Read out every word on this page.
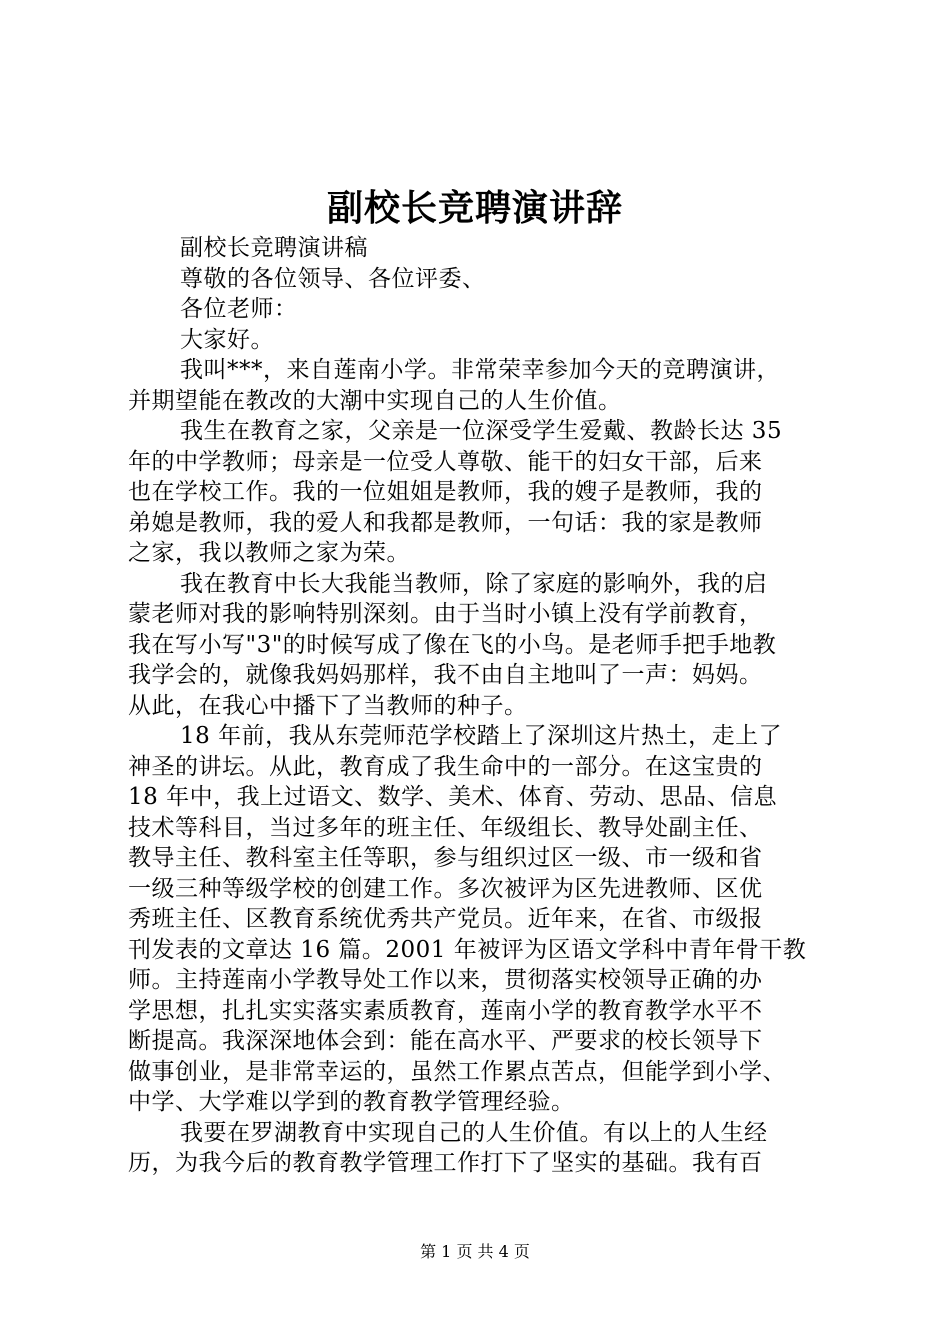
副校长竞聘演讲辞
副校长竞聘演讲稿
尊敬的各位领导、各位评委、
各位老师：
大家好。
我叫***，来自莲南小学。非常荣幸参加今天的竞聘演讲，
并期望能在教改的大潮中实现自己的人生价值。
我生在教育之家，父亲是一位深受学生爱戴、教龄长达 35
年的中学教师；母亲是一位受人尊敬、能干的妇女干部，后来
也在学校工作。我的一位姐姐是教师，我的嫂子是教师，我的
弟媳是教师，我的爱人和我都是教师，一句话：我的家是教师
之家，我以教师之家为荣。
我在教育中长大我能当教师，除了家庭的影响外，我的启
蒙老师对我的影响特别深刻。由于当时小镇上没有学前教育，
我在写小写"3"的时候写成了像在飞的小鸟。是老师手把手地教
我学会的，就像我妈妈那样，我不由自主地叫了一声：妈妈。
从此，在我心中播下了当教师的种子。
18 年前，我从东莞师范学校踏上了深圳这片热土，走上了
神圣的讲坛。从此，教育成了我生命中的一部分。在这宝贵的
18 年中，我上过语文、数学、美术、体育、劳动、思品、信息
技术等科目，当过多年的班主任、年级组长、教导处副主任、
教导主任、教科室主任等职，参与组织过区一级、市一级和省
一级三种等级学校的创建工作。多次被评为区先进教师、区优
秀班主任、区教育系统优秀共产党员。近年来，在省、市级报
刊发表的文章达 16 篇。2001 年被评为区语文学科中青年骨干教
师。主持莲南小学教导处工作以来，贯彻落实校领导正确的办
学思想，扎扎实实落实素质教育，莲南小学的教育教学水平不
断提高。我深深地体会到：能在高水平、严要求的校长领导下
做事创业，是非常幸运的，虽然工作累点苦点，但能学到小学、
中学、大学难以学到的教育教学管理经验。
我要在罗湖教育中实现自己的人生价值。有以上的人生经
历，为我今后的教育教学管理工作打下了坚实的基础。我有百
第 1 页 共 4 页
